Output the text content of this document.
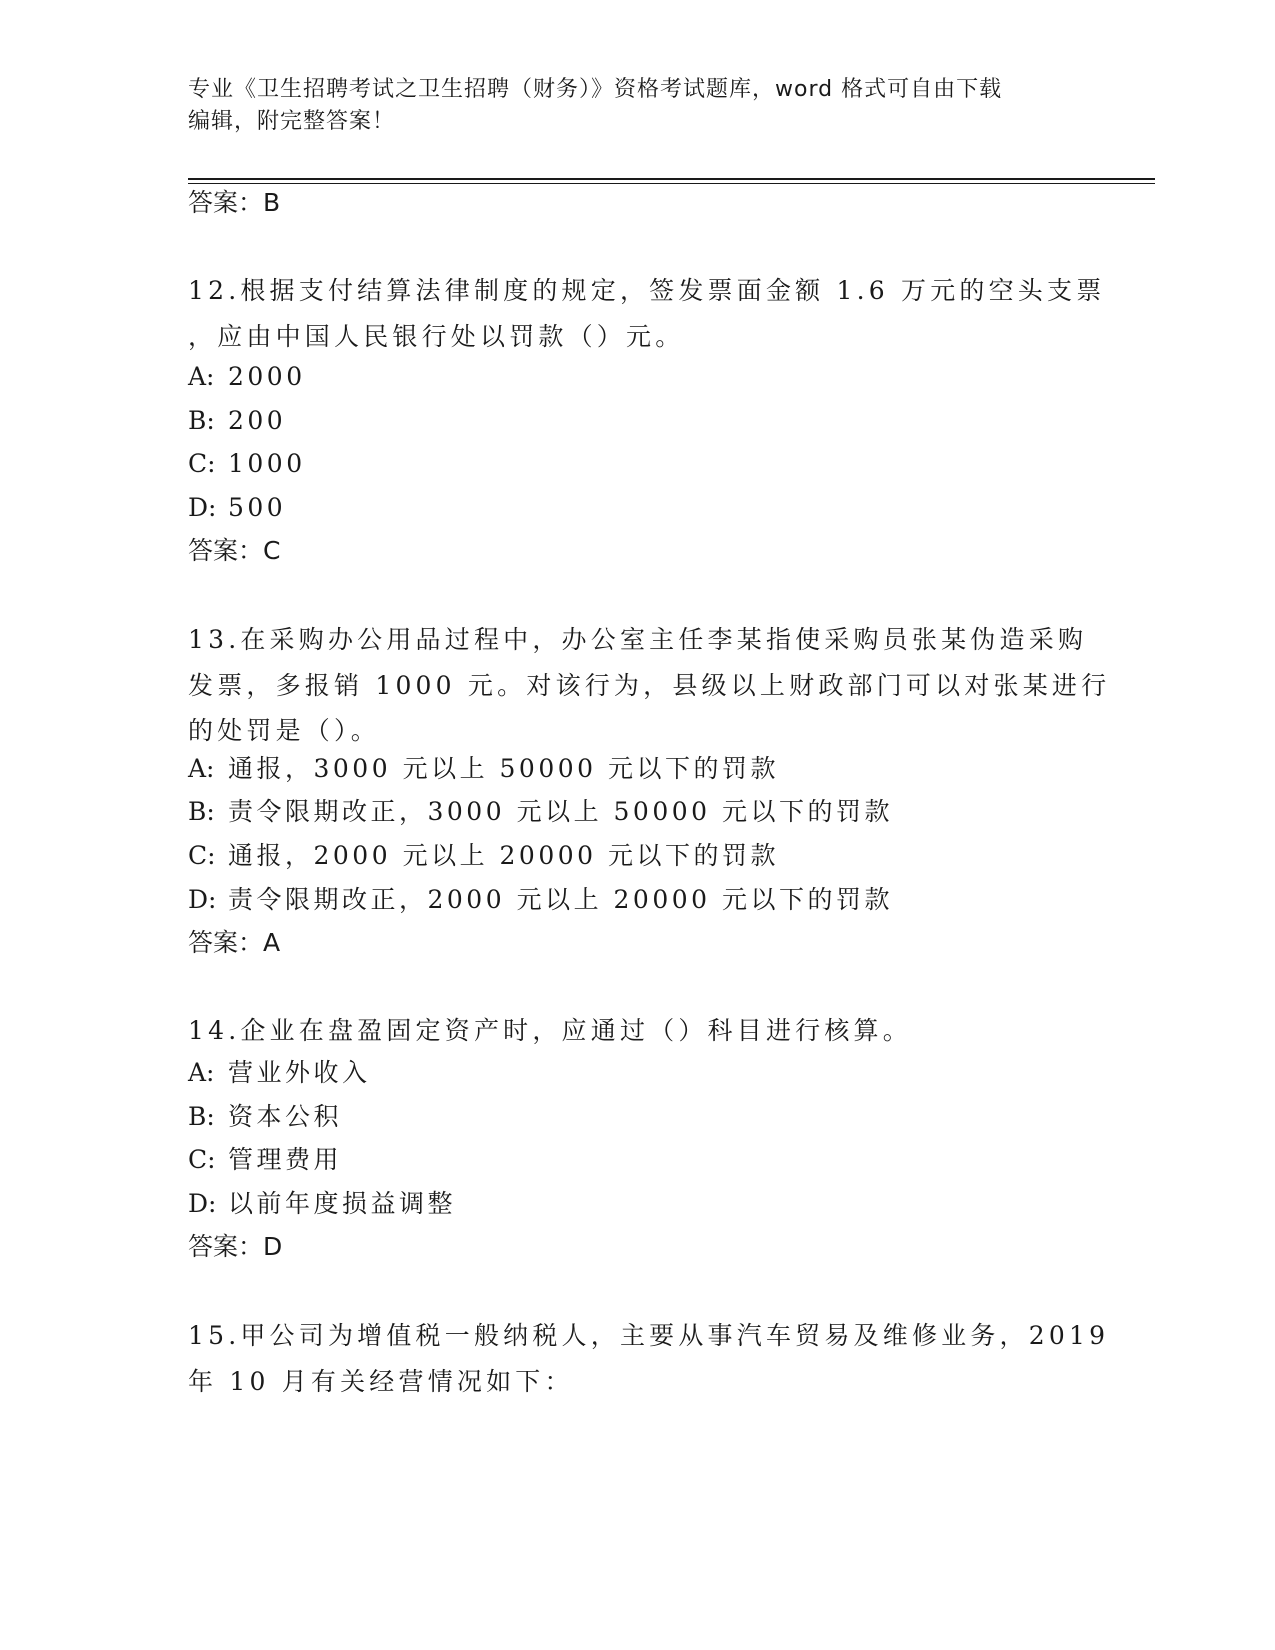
专业《卫生招聘考试之卫生招聘（财务）》资格考试题库，word 格式可自由下载
编辑，附完整答案！
答案：B
12.根据支付结算法律制度的规定，签发票面金额 1.6 万元的空头支票
，应由中国人民银行处以罚款（）元。
A: 2000
B: 200
C: 1000
D: 500
答案：C
13.在采购办公用品过程中，办公室主任李某指使采购员张某伪造采购
发票，多报销 1000 元。对该行为，县级以上财政部门可以对张某进行
的处罚是（）。
A: 通报，3000 元以上 50000 元以下的罚款
B: 责令限期改正，3000 元以上 50000 元以下的罚款
C: 通报，2000 元以上 20000 元以下的罚款
D: 责令限期改正，2000 元以上 20000 元以下的罚款
答案：A
14.企业在盘盈固定资产时，应通过（）科目进行核算。
A: 营业外收入
B: 资本公积
C: 管理费用
D: 以前年度损益调整
答案：D
15.甲公司为增值税一般纳税人，主要从事汽车贸易及维修业务，2019
年 10 月有关经营情况如下：
